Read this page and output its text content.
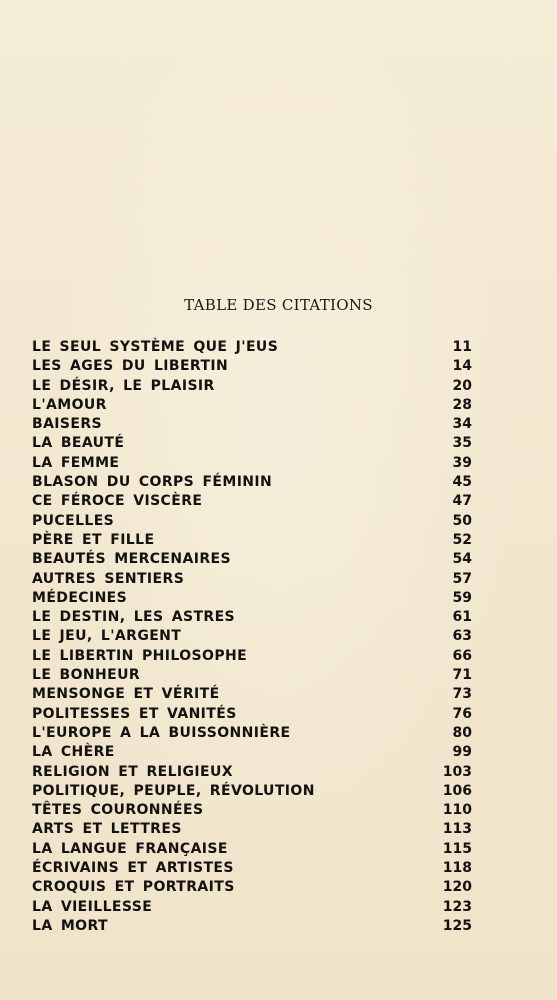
TABLE DES CITATIONS
LE SEUL SYSTÈME QUE J'EUS	11
LES AGES DU LIBERTIN	14
LE DÉSIR, LE PLAISIR	20
L'AMOUR	28
BAISERS	34
LA BEAUTÉ	35
LA FEMME	39
BLASON DU CORPS FÉMININ	45
CE FÉROCE VISCÈRE	47
PUCELLES	50
PÈRE ET FILLE	52
BEAUTÉS MERCENAIRES	54
AUTRES SENTIERS	57
MÉDECINES	59
LE DESTIN, LES ASTRES	61
LE JEU, L'ARGENT	63
LE LIBERTIN PHILOSOPHE	66
LE BONHEUR	71
MENSONGE ET VÉRITÉ	73
POLITESSES ET VANITÉS	76
L'EUROPE A LA BUISSONNIÈRE	80
LA CHÈRE	99
RELIGION ET RELIGIEUX	103
POLITIQUE, PEUPLE, RÉVOLUTION	106
TÊTES COURONNÉES	110
ARTS ET LETTRES	113
LA LANGUE FRANÇAISE	115
ÉCRIVAINS ET ARTISTES	118
CROQUIS ET PORTRAITS	120
LA VIEILLESSE	123
LA MORT	125
